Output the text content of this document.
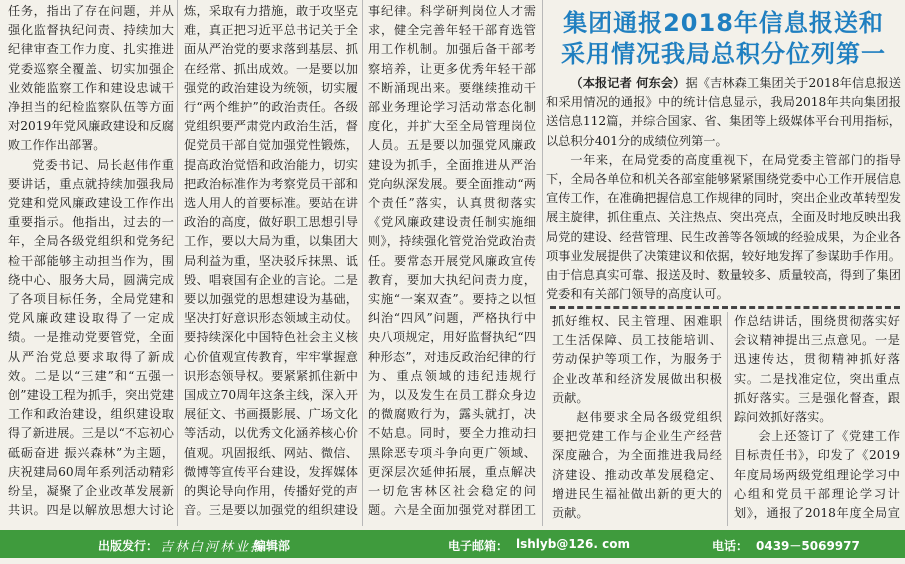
任务，指出了存在问题，并从强化监督执纪问责、持续加大纪律审查工作力度、扎实推进党委巡察全覆盖、切实加强企业效能监察工作和建设忠诚干净担当的纪检监察队伍等方面对2019年党风廉政建设和反腐败工作作出部署。

党委书记、局长赵伟作重要讲话，重点就持续加强我局党建和党风廉政建设工作作出重要指示。他指出，过去的一年，全局各级党组织和党务纪检干部能够主动担当作为，围绕中心、服务大局，圆满完成了各项目标任务，全局党建和党风廉政建设取得了一定成绩。一是推动党要管党，全面从严治党总要求取得了新成效。二是以“三建”和“五强一创”建设工程为抓手，突出党建工作和政治建设，组织建设取得了新进展。三是以“不忘初心 砥砺奋进 振兴森林”为主题，庆祝建局60周年系列活动精彩纷呈，凝聚了企业改革发展新共识。四是以解放思想大讨论

炼，采取有力措施，敢于攻坚克难，真正把习近平总书记关于全面从严治党的要求落到基层、抓在经常、抓出成效。一是要以加强党的政治建设为统领，切实履行“两个维护”的政治责任。各级党组织要严肃党内政治生活，督促党员干部自觉加强党性锻炼，提高政治觉悟和政治能力，切实把政治标准作为考察党员干部和选人用人的首要标准。要站在讲政治的高度，做好职工思想引导工作，要以大局为重，以集团大局利益为重，坚决驳斥抹黑、诋毁、唱衰国有企业的言论。二是要以加强党的思想建设为基础，坚决打好意识形态领域主动仗。要持续深化中国特色社会主义核心价值观宣传教育，牢牢掌握意识形态领导权。要紧紧抓住新中国成立70周年这条主线，深入开展征文、书画摄影展、广场文化等活动，以优秀文化涵养核心价值观。巩固报纸、网站、微信、微博等宣传平台建设，发挥媒体的舆论导向作用，传播好党的声音。三是要以加强党的组织建设

事纪律。科学研判岗位人才需求，健全完善年轻干部育选管用工作机制。加强后备干部考察培养，让更多优秀年轻干部不断涌现出来。要继续推动干部业务理论学习活动常态化制度化，并扩大至全局管理岗位人员。五是要以加强党风廉政建设为抓手，全面推进从严治党向纵深发展。要全面推动“两个责任”落实，认真贯彻落实《党风廉政建设责任制实施细则》，持续强化管党治党政治责任。要常态开展党风廉政宣传教育，要加大执纪问责力度，实施“一案双查”。要持之以恒纠治“四风”问题，严格执行中央八项规定，用好监督执纪“四种形态”，对违反政治纪律的行为、重点领域的违纪违规行为，以及发生在员工群众身边的微腐败行为，露头就打，决不姑息。同时，要全力推动扫黑除恶专项斗争向更广领域、更深层次延伸拓展，重点解决一切危害林区社会稳定的问题。六是全面加强党对群团工

集团通报2018年信息报送和
采用情况我局总积分位列第一

（本报记者 何东会）据《吉林森工集团关于2018年信息报送和采用情况的通报》中的统计信息显示，我局2018年共向集团报送信息112篇，并综合国家、省、集团等上级媒体平台刊用指标，以总积分401分的成绩位列第一。

一年来，在局党委的高度重视下，在局党委主管部门的指导下，全局各单位和机关各部室能够紧紧围绕党委中心工作开展信息宣传工作，在准确把握信息工作规律的同时，突出企业改革转型发展主旋律，抓住重点、关注热点、突出亮点，全面及时地反映出我局党的建设、经营管理、民生改善等各领域的经验成果，为企业各项事业发展提供了决策建议和依据，较好地发挥了参谋助手作用。由于信息真实可靠、报送及时、数量较多、质量较高，得到了集团党委和有关部门领导的高度认可。

抓好维权、民主管理、困难职工生活保障、员工技能培训、劳动保护等项工作，为服务于企业改革和经济发展做出积极贡献。

赵伟要求全局各级党组织要把党建工作与企业生产经营深度融合，为全面推进我局经济建设、推动改革发展稳定、增进民生福祉做出新的更大的贡献。

作总结讲话，围绕贯彻落实好会议精神提出三点意见。一是迅速传达，贯彻精神抓好落实。二是找准定位，突出重点抓好落实。三是强化督查，跟踪问效抓好落实。

会上还签订了《党建工作目标责任书》，印发了《2019年度局场两级党组理论学习中心组和党员干部理论学习计划》，通报了2018年度全局宣

出版发行： 吉林白河林业报
编辑部	电子邮箱： lshlyb@126. com	电话： 0439－5069977
